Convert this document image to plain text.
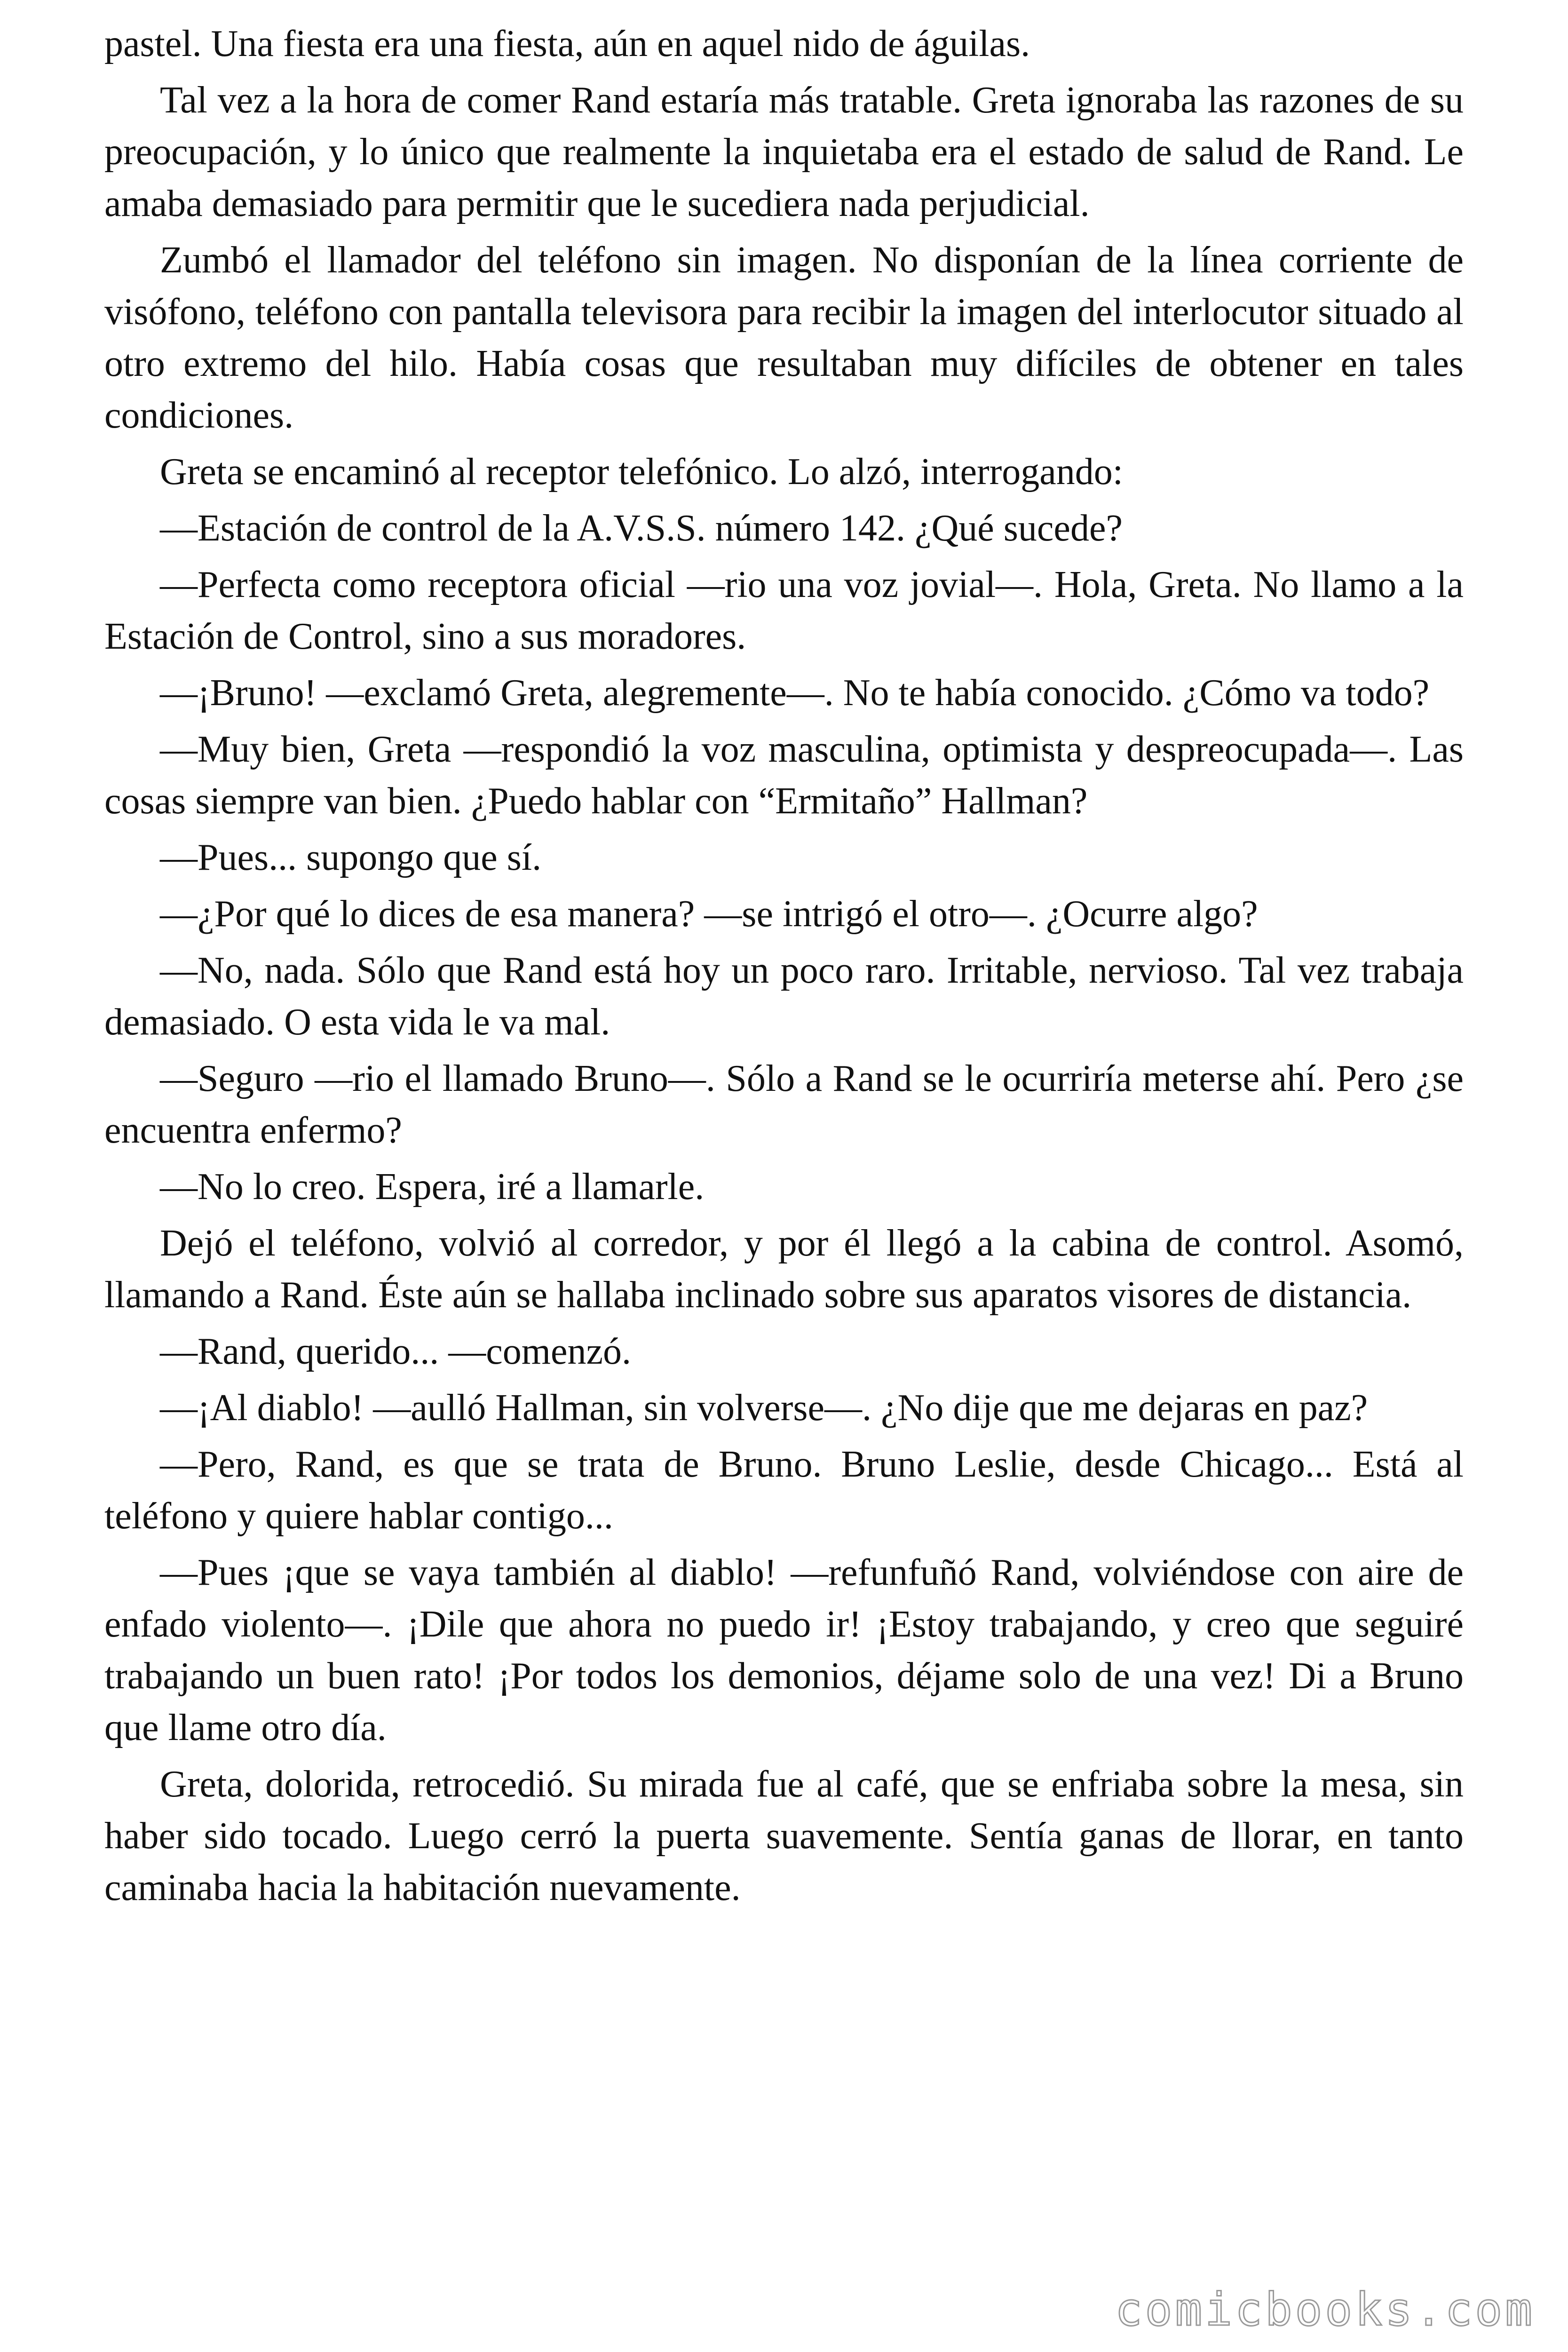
pastel. Una fiesta era una fiesta, aún en aquel nido de águilas.

Tal vez a la hora de comer Rand estaría más tratable. Greta ignoraba las razones de su preocupación, y lo único que realmente la inquietaba era el estado de salud de Rand. Le amaba demasiado para permitir que le sucediera nada perjudicial.

Zumbó el llamador del teléfono sin imagen. No disponían de la línea corriente de visófono, teléfono con pantalla televisora para recibir la imagen del interlocutor situado al otro extremo del hilo. Había cosas que resultaban muy difíciles de obtener en tales condiciones.

Greta se encaminó al receptor telefónico. Lo alzó, interrogando:

—Estación de control de la A.V.S.S. número 142. ¿Qué sucede?

—Perfecta como receptora oficial —rio una voz jovial—. Hola, Greta. No llamo a la Estación de Control, sino a sus moradores.

—¡Bruno! —exclamó Greta, alegremente—. No te había conocido. ¿Cómo va todo?

—Muy bien, Greta —respondió la voz masculina, optimista y despreocupada—. Las cosas siempre van bien. ¿Puedo hablar con “Ermitaño” Hallman?

—Pues... supongo que sí.

—¿Por qué lo dices de esa manera? —se intrigó el otro—. ¿Ocurre algo?

—No, nada. Sólo que Rand está hoy un poco raro. Irritable, nervioso. Tal vez trabaja demasiado. O esta vida le va mal.

—Seguro —rio el llamado Bruno—. Sólo a Rand se le ocurriría meterse ahí. Pero ¿se encuentra enfermo?

—No lo creo. Espera, iré a llamarle.

Dejó el teléfono, volvió al corredor, y por él llegó a la cabina de control. Asomó, llamando a Rand. Éste aún se hallaba inclinado sobre sus aparatos visores de distancia.

—Rand, querido... —comenzó.

—¡Al diablo! —aulló Hallman, sin volverse—. ¿No dije que me dejaras en paz?

—Pero, Rand, es que se trata de Bruno. Bruno Leslie, desde Chicago... Está al teléfono y quiere hablar contigo...

—Pues ¡que se vaya también al diablo! —refunfuñó Rand, volviéndose con aire de enfado violento—. ¡Dile que ahora no puedo ir! ¡Estoy trabajando, y creo que seguiré trabajando un buen rato! ¡Por todos los demonios, déjame solo de una vez! Di a Bruno que llame otro día.

Greta, dolorida, retrocedió. Su mirada fue al café, que se enfriaba sobre la mesa, sin haber sido tocado. Luego cerró la puerta suavemente. Sentía ganas de llorar, en tanto caminaba hacia la habitación nuevamente.

comicbooks.com
